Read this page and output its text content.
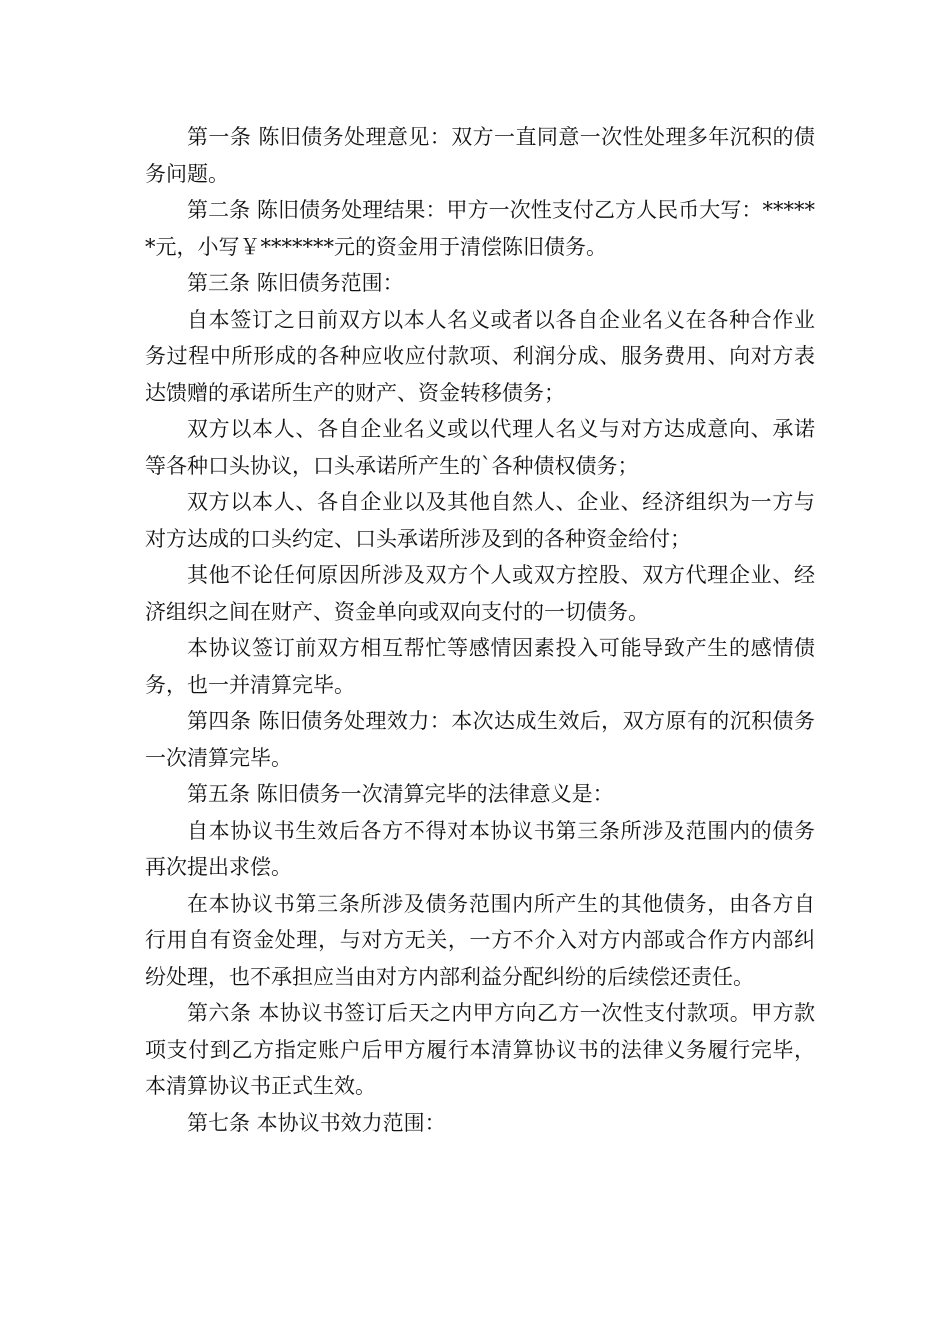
第一条 陈旧债务处理意见：双方一直同意一次性处理多年沉积的债务问题。

第二条 陈旧债务处理结果：甲方一次性支付乙方人民币大写：******元，小写￥*******元的资金用于清偿陈旧债务。

第三条 陈旧债务范围：

自本签订之日前双方以本人名义或者以各自企业名义在各种合作业务过程中所形成的各种应收应付款项、利润分成、服务费用、向对方表达馈赠的承诺所生产的财产、资金转移债务；

双方以本人、各自企业名义或以代理人名义与对方达成意向、承诺等各种口头协议，口头承诺所产生的`各种债权债务；

双方以本人、各自企业以及其他自然人、企业、经济组织为一方与对方达成的口头约定、口头承诺所涉及到的各种资金给付；

其他不论任何原因所涉及双方个人或双方控股、双方代理企业、经济组织之间在财产、资金单向或双向支付的一切债务。

本协议签订前双方相互帮忙等感情因素投入可能导致产生的感情债务，也一并清算完毕。

第四条 陈旧债务处理效力：本次达成生效后，双方原有的沉积债务一次清算完毕。

第五条 陈旧债务一次清算完毕的法律意义是：

自本协议书生效后各方不得对本协议书第三条所涉及范围内的债务再次提出求偿。

在本协议书第三条所涉及债务范围内所产生的其他债务，由各方自行用自有资金处理，与对方无关，一方不介入对方内部或合作方内部纠纷处理，也不承担应当由对方内部利益分配纠纷的后续偿还责任。

第六条 本协议书签订后天之内甲方向乙方一次性支付款项。甲方款项支付到乙方指定账户后甲方履行本清算协议书的法律义务履行完毕，本清算协议书正式生效。

第七条 本协议书效力范围：
